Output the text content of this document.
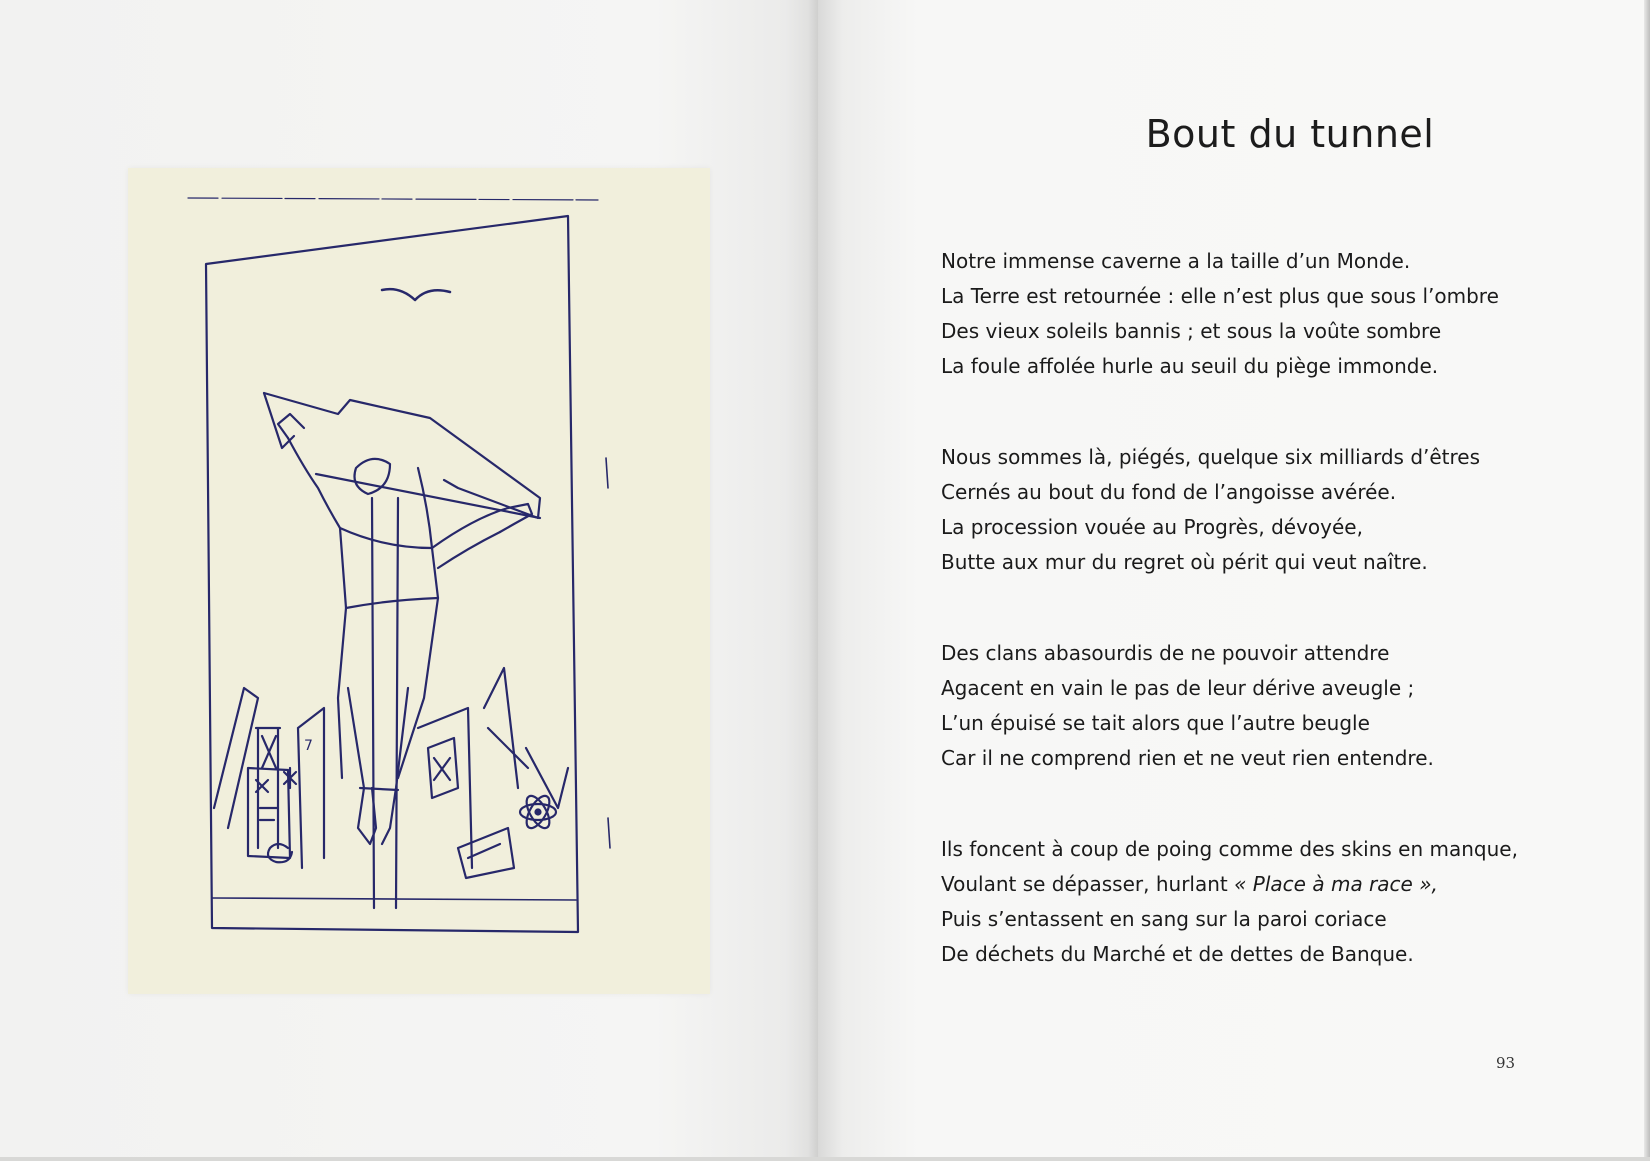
7
Bout du tunnel
Notre immense caverne a la taille d’un Monde.
La Terre est retournée : elle n’est plus que sous l’ombre
Des vieux soleils bannis ; et sous la voûte sombre
La foule affolée hurle au seuil du piège immonde.
Nous sommes là, piégés, quelque six milliards d’êtres
Cernés au bout du fond de l’angoisse avérée.
La procession vouée au Progrès, dévoyée,
Butte aux mur du regret où périt qui veut naître.
Des clans abasourdis de ne pouvoir attendre
Agacent en vain le pas de leur dérive aveugle ;
L’un épuisé se tait alors que l’autre beugle
Car il ne comprend rien et ne veut rien entendre.
Ils foncent à coup de poing comme des skins en manque,
Voulant se dépasser, hurlant « Place à ma race »,
Puis s’entassent en sang sur la paroi coriace
De déchets du Marché et de dettes de Banque.
93
